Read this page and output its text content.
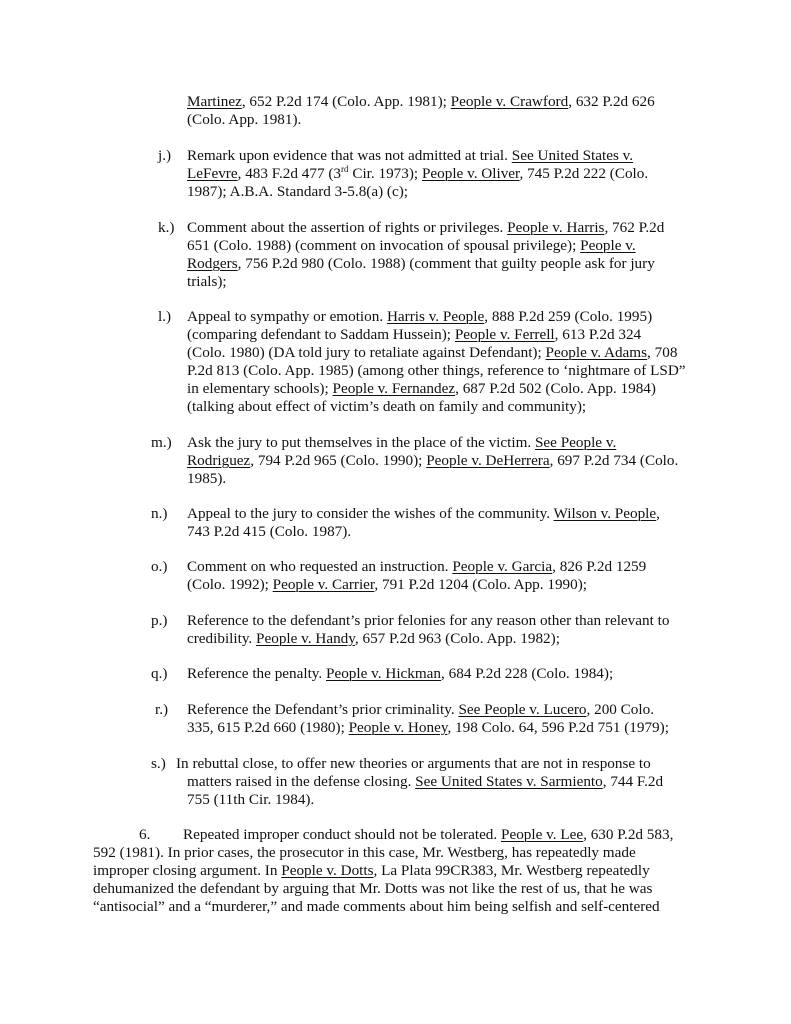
Martinez, 652 P.2d 174 (Colo. App. 1981); People v. Crawford, 632 P.2d 626
(Colo. App. 1981).
j.) Remark upon evidence that was not admitted at trial. See United States v.
LeFevre, 483 F.2d 477 (3rd Cir. 1973); People v. Oliver, 745 P.2d 222 (Colo.
1987); A.B.A. Standard 3-5.8(a) (c);
k.) Comment about the assertion of rights or privileges. People v. Harris, 762 P.2d
651 (Colo. 1988) (comment on invocation of spousal privilege); People v.
Rodgers, 756 P.2d 980 (Colo. 1988) (comment that guilty people ask for jury
trials);
l.) Appeal to sympathy or emotion. Harris v. People, 888 P.2d 259 (Colo. 1995)
(comparing defendant to Saddam Hussein); People v. Ferrell, 613 P.2d 324
(Colo. 1980) (DA told jury to retaliate against Defendant); People v. Adams, 708
P.2d 813 (Colo. App. 1985) (among other things, reference to ‘nightmare of LSD”
in elementary schools); People v. Fernandez, 687 P.2d 502 (Colo. App. 1984)
(talking about effect of victim’s death on family and community);
m.) Ask the jury to put themselves in the place of the victim. See People v.
Rodriguez, 794 P.2d 965 (Colo. 1990); People v. DeHerrera, 697 P.2d 734 (Colo.
1985).
n.) Appeal to the jury to consider the wishes of the community. Wilson v. People,
743 P.2d 415 (Colo. 1987).
o.) Comment on who requested an instruction. People v. Garcia, 826 P.2d 1259
(Colo. 1992); People v. Carrier, 791 P.2d 1204 (Colo. App. 1990);
p.) Reference to the defendant’s prior felonies for any reason other than relevant to
credibility. People v. Handy, 657 P.2d 963 (Colo. App. 1982);
q.) Reference the penalty. People v. Hickman, 684 P.2d 228 (Colo. 1984);
r.) Reference the Defendant’s prior criminality. See People v. Lucero, 200 Colo.
335, 615 P.2d 660 (1980); People v. Honey, 198 Colo. 64, 596 P.2d 751 (1979);
s.) In rebuttal close, to offer new theories or arguments that are not in response to
matters raised in the defense closing. See United States v. Sarmiento, 744 F.2d
755 (11th Cir. 1984).
6. Repeated improper conduct should not be tolerated. People v. Lee, 630 P.2d 583,
592 (1981). In prior cases, the prosecutor in this case, Mr. Westberg, has repeatedly made
improper closing argument. In People v. Dotts, La Plata 99CR383, Mr. Westberg repeatedly
dehumanized the defendant by arguing that Mr. Dotts was not like the rest of us, that he was
“antisocial” and a “murderer,” and made comments about him being selfish and self-centered
